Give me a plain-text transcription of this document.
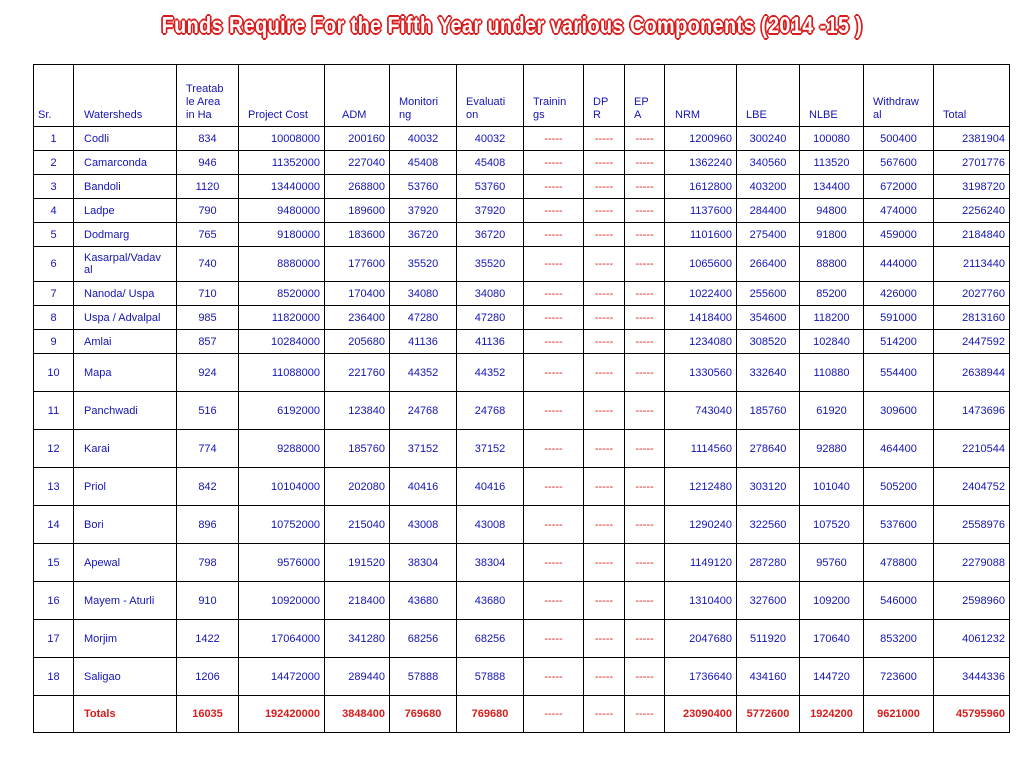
Funds Require For the Fifth Year under various Components (2014 -15 )
Sr.	Watersheds	Treatab
le Area
in Ha	Project Cost	ADM	Monitori
ng	Evaluati
on	Trainin
gs	DP
R	EP
A	NRM	LBE	NLBE	Withdraw
al	Total
1	Codli	834	10008000	200160	40032	40032	-----	-----	-----	1200960	300240	100080	500400	2381904
2	Camarconda	946	11352000	227040	45408	45408	-----	-----	-----	1362240	340560	113520	567600	2701776
3	Bandoli	1120	13440000	268800	53760	53760	-----	-----	-----	1612800	403200	134400	672000	3198720
4	Ladpe	790	9480000	189600	37920	37920	-----	-----	-----	1137600	284400	94800	474000	2256240
5	Dodmarg	765	9180000	183600	36720	36720	-----	-----	-----	1101600	275400	91800	459000	2184840
6	Kasarpal/Vadav
al	740	8880000	177600	35520	35520	-----	-----	-----	1065600	266400	88800	444000	2113440
7	Nanoda/ Uspa	710	8520000	170400	34080	34080	-----	-----	-----	1022400	255600	85200	426000	2027760
8	Uspa / Advalpal	985	11820000	236400	47280	47280	-----	-----	-----	1418400	354600	118200	591000	2813160
9	Amlai	857	10284000	205680	41136	41136	-----	-----	-----	1234080	308520	102840	514200	2447592
10	Mapa	924	11088000	221760	44352	44352	-----	-----	-----	1330560	332640	110880	554400	2638944
11	Panchwadi	516	6192000	123840	24768	24768	-----	-----	-----	743040	185760	61920	309600	1473696
12	Karai	774	9288000	185760	37152	37152	-----	-----	-----	1114560	278640	92880	464400	2210544
13	Priol	842	10104000	202080	40416	40416	-----	-----	-----	1212480	303120	101040	505200	2404752
14	Bori	896	10752000	215040	43008	43008	-----	-----	-----	1290240	322560	107520	537600	2558976
15	Apewal	798	9576000	191520	38304	38304	-----	-----	-----	1149120	287280	95760	478800	2279088
16	Mayem - Aturli	910	10920000	218400	43680	43680	-----	-----	-----	1310400	327600	109200	546000	2598960
17	Morjim	1422	17064000	341280	68256	68256	-----	-----	-----	2047680	511920	170640	853200	4061232
18	Saligao	1206	14472000	289440	57888	57888	-----	-----	-----	1736640	434160	144720	723600	3444336
	Totals	16035	192420000	3848400	769680	769680	-----	-----	-----	23090400	5772600	1924200	9621000	45795960
